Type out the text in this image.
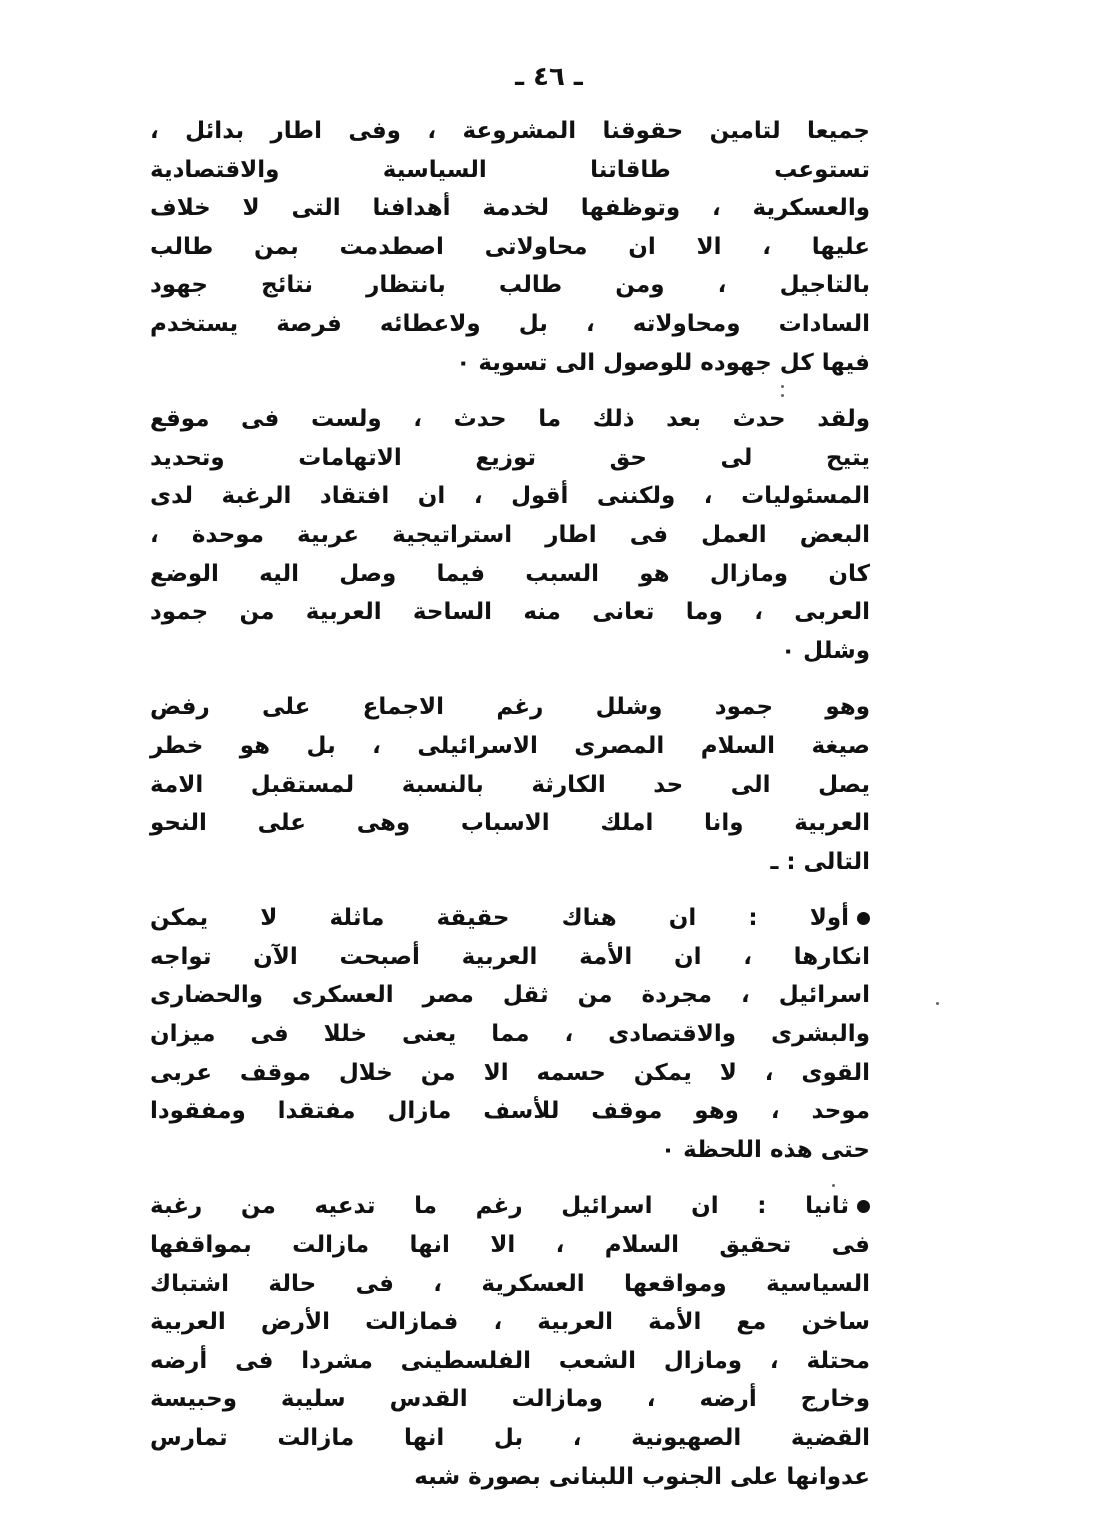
ـ ٤٦ ـ
جميعا لتامين حقوقنا المشروعة ، وفى اطار بدائل ،
تستوعب طاقاتنا السياسية والاقتصادية
والعسكرية ، وتوظفها لخدمة أهدافنا التى لا خلاف
عليها ، الا ان محاولاتى اصطدمت بمن طالب
بالتاجيل ، ومن طالب بانتظار نتائج جهود
السادات ومحاولاته ، بل ولاعطائه فرصة يستخدم
فيها كل جهوده للوصول الى تسوية ٠
ولقد حدث بعد ذلك ما حدث ، ولست فى موقع
يتيح لى حق توزيع الاتهامات وتحديد
المسئوليات ، ولكننى أقول ، ان افتقاد الرغبة لدى
البعض العمل فى اطار استراتيجية عربية موحدة ،
كان ومازال هو السبب فيما وصل اليه الوضع
العربى ، وما تعانى منه الساحة العربية من جمود
وشلل ٠
وهو جمود وشلل رغم الاجماع على رفض
صيغة السلام المصرى الاسرائيلى ، بل هو خطر
يصل الى حد الكارثة بالنسبة لمستقبل الامة
العربية وانا املك الاسباب وهى على النحو
التالى : ـ
أولا : ان هناك حقيقة ماثلة لا يمكن
انكارها ، ان الأمة العربية أصبحت الآن تواجه
اسرائيل ، مجردة من ثقل مصر العسكرى والحضارى
والبشرى والاقتصادى ، مما يعنى خللا فى ميزان
القوى ، لا يمكن حسمه الا من خلال موقف عربى
موحد ، وهو موقف للأسف مازال مفتقدا ومفقودا
حتى هذه اللحظة ٠
ثانيا : ان اسرائيل رغم ما تدعيه من رغبة
فى تحقيق السلام ، الا انها مازالت بمواقفها
السياسية ومواقعها العسكرية ، فى حالة اشتباك
ساخن مع الأمة العربية ، فمازالت الأرض العربية
محتلة ، ومازال الشعب الفلسطينى مشردا فى أرضه
وخارج أرضه ، ومازالت القدس سليبة وحبيسة
القضية الصهيونية ، بل انها مازالت تمارس
عدوانها على الجنوب اللبنانى بصورة شبه
